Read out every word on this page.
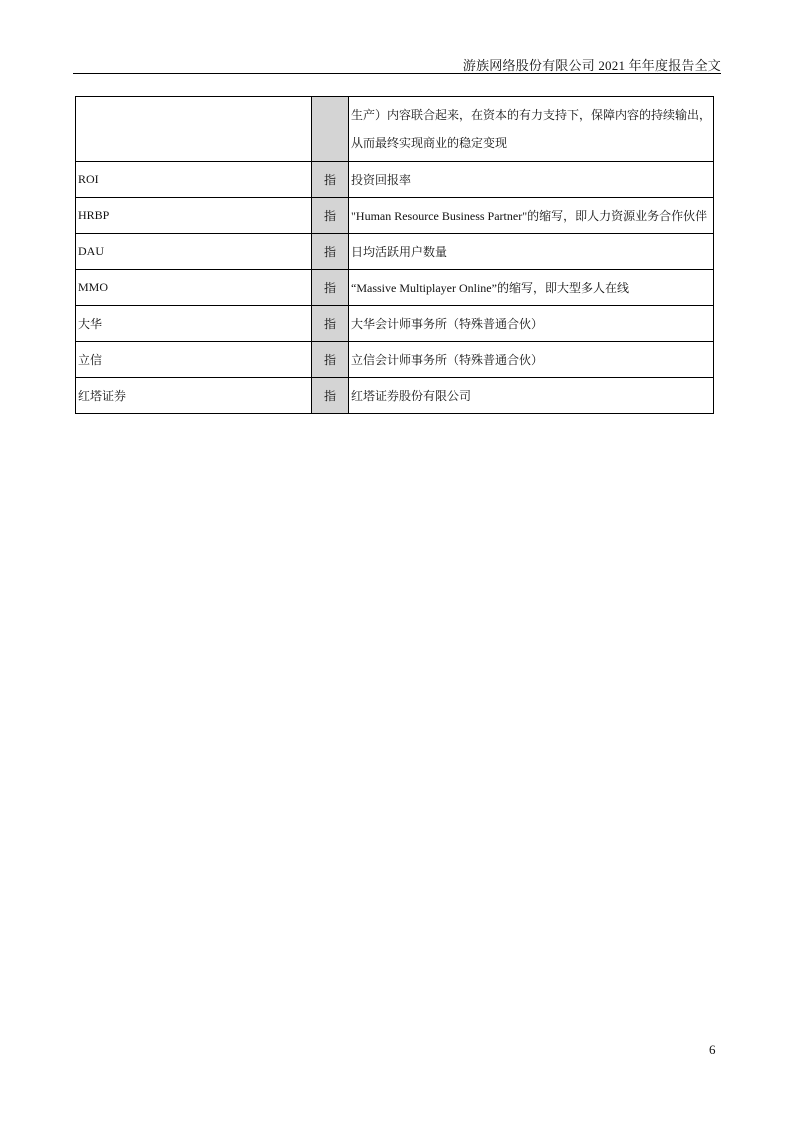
游族网络股份有限公司 2021 年年度报告全文

		生产）内容联合起来，在资本的有力支持下，保障内容的持续输出，
从而最终实现商业的稳定变现

ROI	指	投资回报率
HRBP	指	"Human Resource Business Partner"的缩写，即人力资源业务合作伙伴
DAU	指	日均活跃用户数量
MMO	指	“Massive Multiplayer Online”的缩写，即大型多人在线
大华	指	大华会计师事务所（特殊普通合伙）
立信	指	立信会计师事务所（特殊普通合伙）
红塔证券	指	红塔证券股份有限公司
6
